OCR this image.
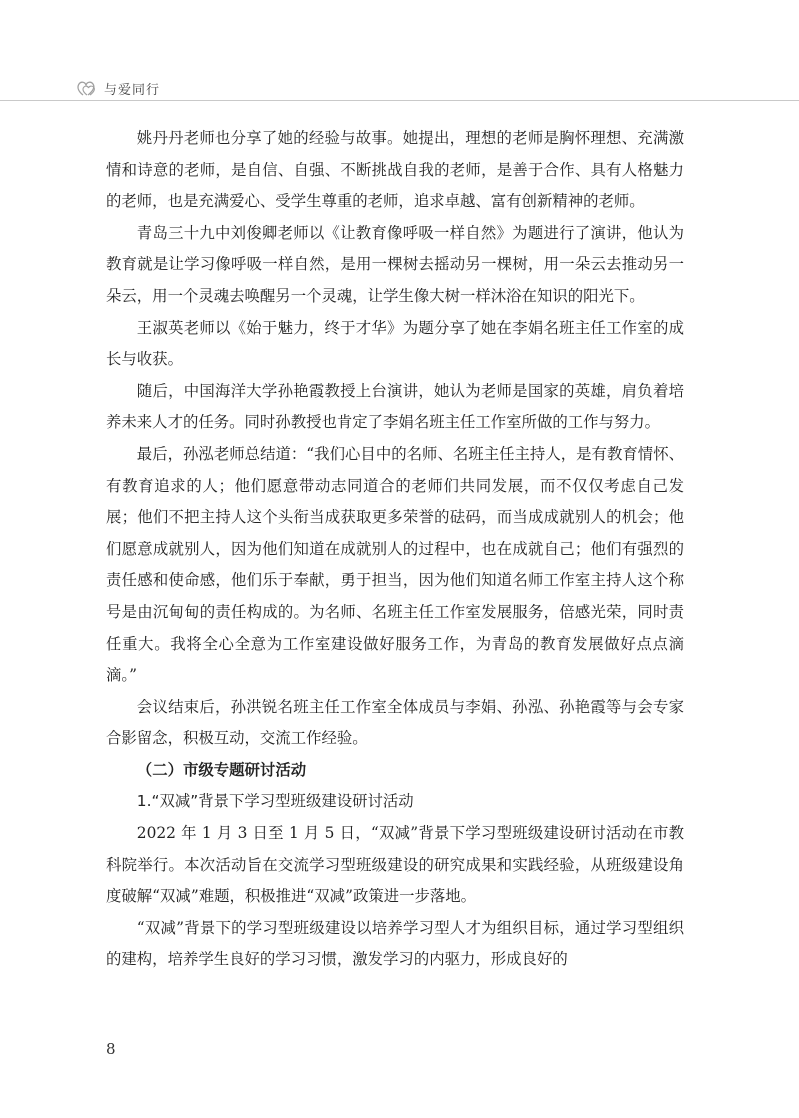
与爱同行

姚丹丹老师也分享了她的经验与故事。她提出，理想的老师是胸怀理想、充满激情和诗意的老师，是自信、自强、不断挑战自我的老师，是善于合作、具有人格魅力的老师，也是充满爱心、受学生尊重的老师，追求卓越、富有创新精神的老师。

青岛三十九中刘俊卿老师以《让教育像呼吸一样自然》为题进行了演讲，他认为教育就是让学习像呼吸一样自然，是用一棵树去摇动另一棵树，用一朵云去推动另一朵云，用一个灵魂去唤醒另一个灵魂，让学生像大树一样沐浴在知识的阳光下。

王淑英老师以《始于魅力，终于才华》为题分享了她在李娟名班主任工作室的成长与收获。

随后，中国海洋大学孙艳霞教授上台演讲，她认为老师是国家的英雄，肩负着培养未来人才的任务。同时孙教授也肯定了李娟名班主任工作室所做的工作与努力。

最后，孙泓老师总结道：“我们心目中的名师、名班主任主持人，是有教育情怀、有教育追求的人；他们愿意带动志同道合的老师们共同发展，而不仅仅考虑自己发展；他们不把主持人这个头衔当成获取更多荣誉的砝码，而当成成就别人的机会；他们愿意成就别人，因为他们知道在成就别人的过程中，也在成就自己；他们有强烈的责任感和使命感，他们乐于奉献，勇于担当，因为他们知道名师工作室主持人这个称号是由沉甸甸的责任构成的。为名师、名班主任工作室发展服务，倍感光荣，同时责任重大。我将全心全意为工作室建设做好服务工作，为青岛的教育发展做好点点滴滴。”

会议结束后，孙洪锐名班主任工作室全体成员与李娟、孙泓、孙艳霞等与会专家合影留念，积极互动，交流工作经验。

（二）市级专题研讨活动

1.“双减”背景下学习型班级建设研讨活动

2022 年 1 月 3 日至 1 月 5 日，“双减”背景下学习型班级建设研讨活动在市教科院举行。本次活动旨在交流学习型班级建设的研究成果和实践经验，从班级建设角度破解“双减”难题，积极推进“双减”政策进一步落地。

“双减”背景下的学习型班级建设以培养学习型人才为组织目标，通过学习型组织的建构，培养学生良好的学习习惯，激发学习的内驱力，形成良好的

8
